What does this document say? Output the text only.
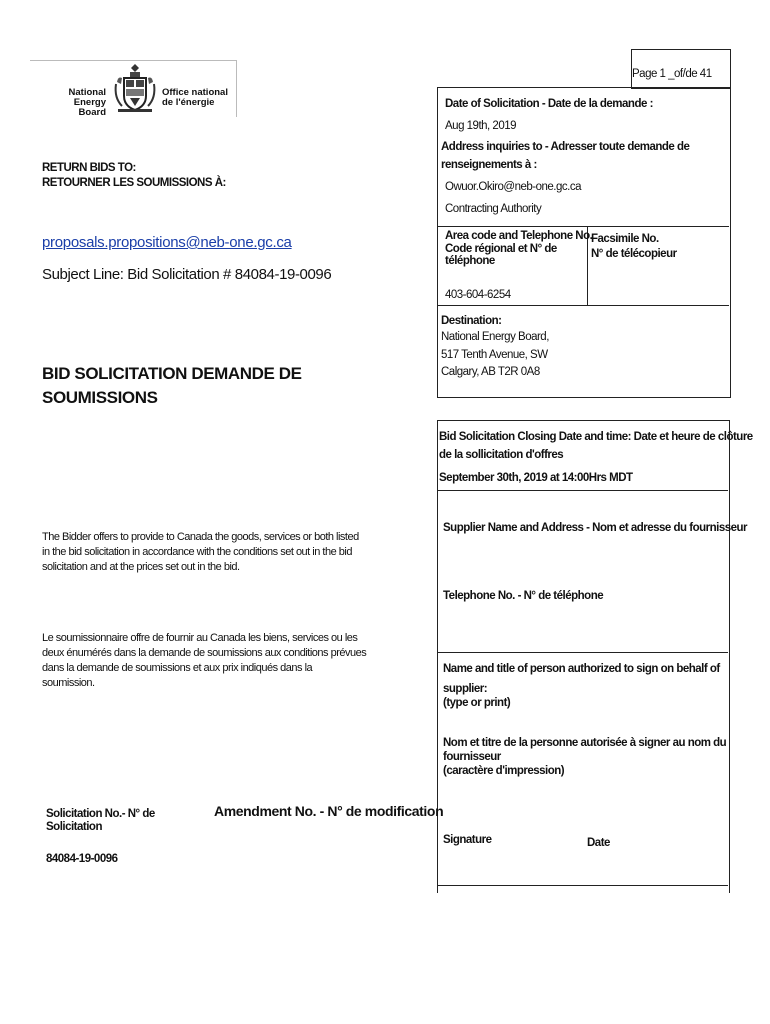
National Energy
Board
Office national
de l'énergie
Page 1 _of/de 41
RETURN BIDS TO:
RETOURNER LES SOUMISSIONS À:
proposals.propositions@neb-one.gc.ca
Subject Line: Bid Solicitation # 84084-19-0096
BID SOLICITATION DEMANDE DE
SOUMISSIONS
Date of Solicitation - Date de la demande :
Aug 19th, 2019
Address inquiries to - Adresser toute demande de
renseignements à :
Owuor.Okiro@neb-one.gc.ca
Contracting Authority
Area code and Telephone No.
Code régional et N° de
téléphone
403-604-6254
Facsimile No.
N° de télécopieur
Destination:
National Energy Board,
517 Tenth Avenue, SW
Calgary, AB T2R 0A8
Bid Solicitation Closing Date and time: Date et heure de clôture
de la sollicitation d'offres
September 30th, 2019 at 14:00Hrs MDT
Supplier Name and Address - Nom et adresse du fournisseur
Telephone No. - N° de téléphone
Name and title of person authorized to sign on behalf of
supplier:
(type or print)
Nom et titre de la personne autorisée à signer au nom du
fournisseur
(caractère d'impression)
Signature	Date
The Bidder offers to provide to Canada the goods, services or both listed
in the bid solicitation in accordance with the conditions set out in the bid
solicitation and at the prices set out in the bid.
Le soumissionnaire offre de fournir au Canada les biens, services ou les
deux énumérés dans la demande de soumissions aux conditions prévues
dans la demande de soumissions et aux prix indiqués dans la
soumission.
Solicitation No.- N° de
Solicitation
84084-19-0096
Amendment No. - N° de modification
